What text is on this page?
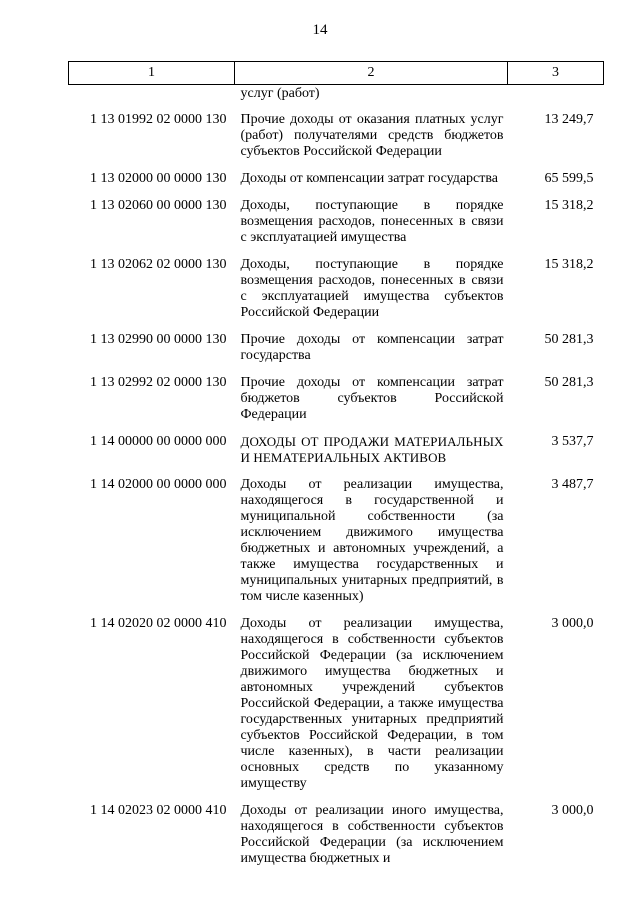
14
1	2	3
	услуг (работ)	
1 13 01992 02 0000 130	Прочие доходы от оказания платных услуг (работ) получателями средств бюджетов субъектов Российской Федерации	13 249,7
1 13 02000 00 0000 130	Доходы от компенсации затрат государства	65 599,5
1 13 02060 00 0000 130	Доходы, поступающие в порядке возмещения расходов, понесенных в связи с эксплуатацией имущества	15 318,2
1 13 02062 02 0000 130	Доходы, поступающие в порядке возмещения расходов, понесенных в связи с эксплуатацией имущества субъектов Российской Федерации	15 318,2
1 13 02990 00 0000 130	Прочие доходы от компенсации затрат государства	50 281,3
1 13 02992 02 0000 130	Прочие доходы от компенсации затрат бюджетов субъектов Российской Федерации	50 281,3
1 14 00000 00 0000 000	ДОХОДЫ ОТ ПРОДАЖИ МАТЕРИАЛЬНЫХ И НЕМАТЕРИАЛЬНЫХ АКТИВОВ	3 537,7
1 14 02000 00 0000 000	Доходы от реализации имущества, находящегося в государственной и муниципальной собственности (за исключением движимого имущества бюджетных и автономных учреждений, а также имущества государственных и муниципальных унитарных предприятий, в том числе казенных)	3 487,7
1 14 02020 02 0000 410	Доходы от реализации имущества, находящегося в собственности субъектов Российской Федерации (за исключением движимого имущества бюджетных и автономных учреждений субъектов Российской Федерации, а также имущества государственных унитарных предприятий субъектов Российской Федерации, в том числе казенных), в части реализации основных средств по указанному имуществу	3 000,0
1 14 02023 02 0000 410	Доходы от реализации иного имущества, находящегося в собственности субъектов Российской Федерации (за исключением имущества бюджетных и	3 000,0
